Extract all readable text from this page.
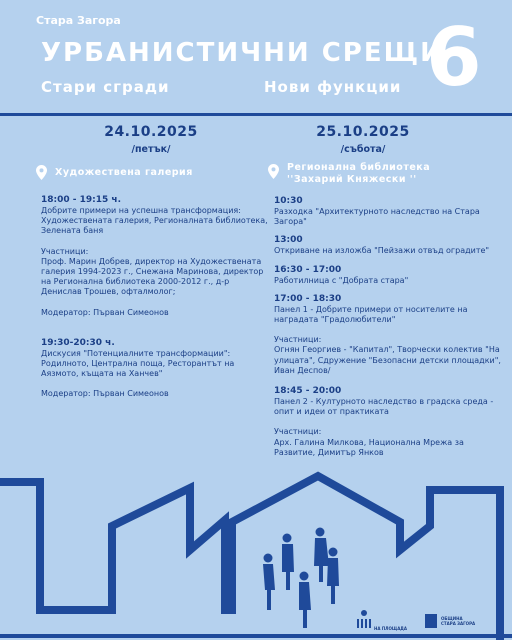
Стара Загора
УРБАНИСТИЧНИ СРЕЩИ
Стари сгради	Нови функции 6
24.10.2025
/петък/
Художествена галерия

18:00 - 19:15 ч.

Добрите примери на успешна трансформация: Художествената галерия, Регионалната библиотека, Зелената баня

Участници:

Проф. Марин Добрев, директор на Художествената галерия 1994-2023 г., Снежана Маринова, директор на Регионална библиотека 2000-2012 г., д-р Денислав Трошев, офталмолог;

Модератор: Първан Симеонов

19:30-20:30 ч.

Дискусия "Потенциалните трансформации": Родилното, Централна поща, Ресторантът на Аязмото, къщата на Ханчев"

Модератор: Първан Симеонов

25.10.2025
/събота/
Регионална библиотека
''Захарий Княжески ''

10:30

Разходка "Архитектурното наследство на Стара Загора"

13:00

Откриване на изложба "Пейзажи отвъд оградите"

16:30 - 17:00

Работилница с "Добрата стара"

17:00 - 18:30

Панел 1 - Добрите примери от носителите на наградата "Градолюбители"

Участници:

Огнян Георгиев - "Капитал", Творчески колектив "На улицата", Сдружение "Безопасни детски площадки", Иван Деспов/

18:45 - 20:00

Панел 2 - Културното наследство в градска среда - опит и идеи от практиката

Участници:

Арх. Галина Милкова, Национална Мрежа за Развитие, Димитър Янков

НА ПЛОЩАДА
ОБЩИНА
СТАРА ЗАГОРА
